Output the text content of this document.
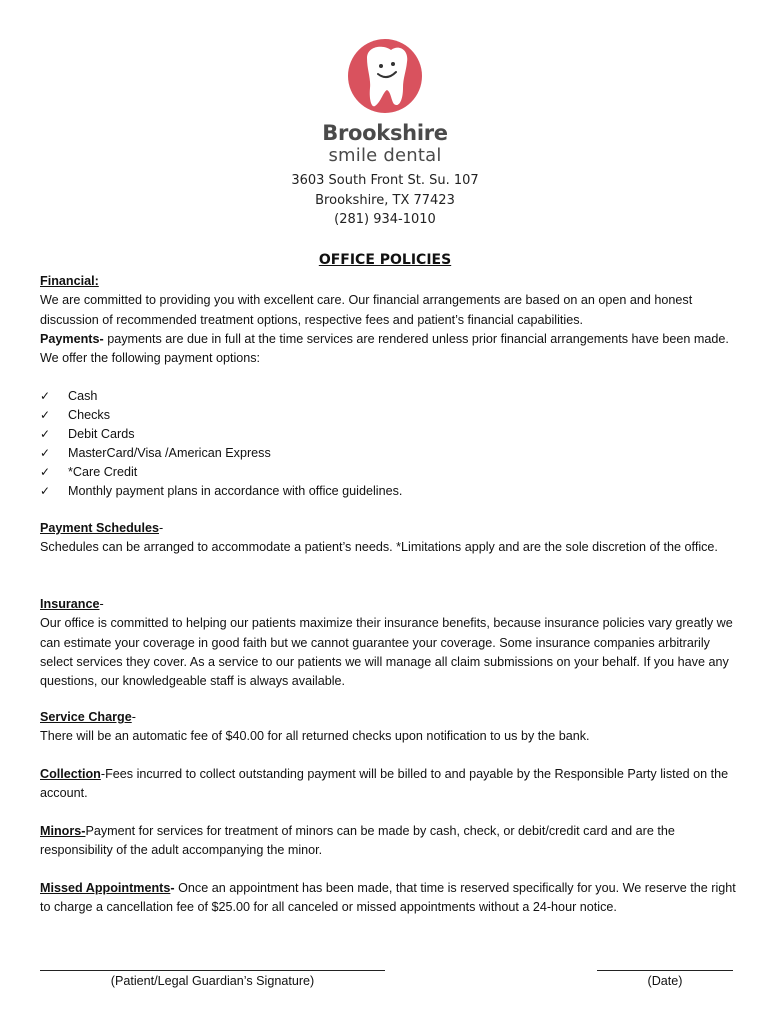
Brookshire
smile dental
3603 South Front St. Su. 107
Brookshire, TX 77423
(281) 934-1010
OFFICE POLICIES

Financial:

We are committed to providing you with excellent care. Our financial arrangements are based on an open and honest discussion of recommended treatment options, respective fees and patient’s financial capabilities.

Payments- payments are due in full at the time services are rendered unless prior financial arrangements have been made. We offer the following payment options:

✓ Cash
✓ Checks
✓ Debit Cards
✓ MasterCard/Visa /American Express
✓ *Care Credit
✓ Monthly payment plans in accordance with office guidelines.

Payment Schedules-

Schedules can be arranged to accommodate a patient’s needs. *Limitations apply and are the sole discretion of the office.

Insurance-

Our office is committed to helping our patients maximize their insurance benefits, because insurance policies vary greatly we can estimate your coverage in good faith but we cannot guarantee your coverage. Some insurance companies arbitrarily select services they cover. As a service to our patients we will manage all claim submissions on your behalf. If you have any questions, our knowledgeable staff is always available.

Service Charge-

There will be an automatic fee of $40.00 for all returned checks upon notification to us by the bank.

Collection-Fees incurred to collect outstanding payment will be billed to and payable by the Responsible Party listed on the account.

Minors-Payment for services for treatment of minors can be made by cash, check, or debit/credit card and are the responsibility of the adult accompanying the minor.

Missed Appointments- Once an appointment has been made, that time is reserved specifically for you. We reserve the right to charge a cancellation fee of $25.00 for all canceled or missed appointments without a 24-hour notice.

(Patient/Legal Guardian’s Signature)	(Date)
